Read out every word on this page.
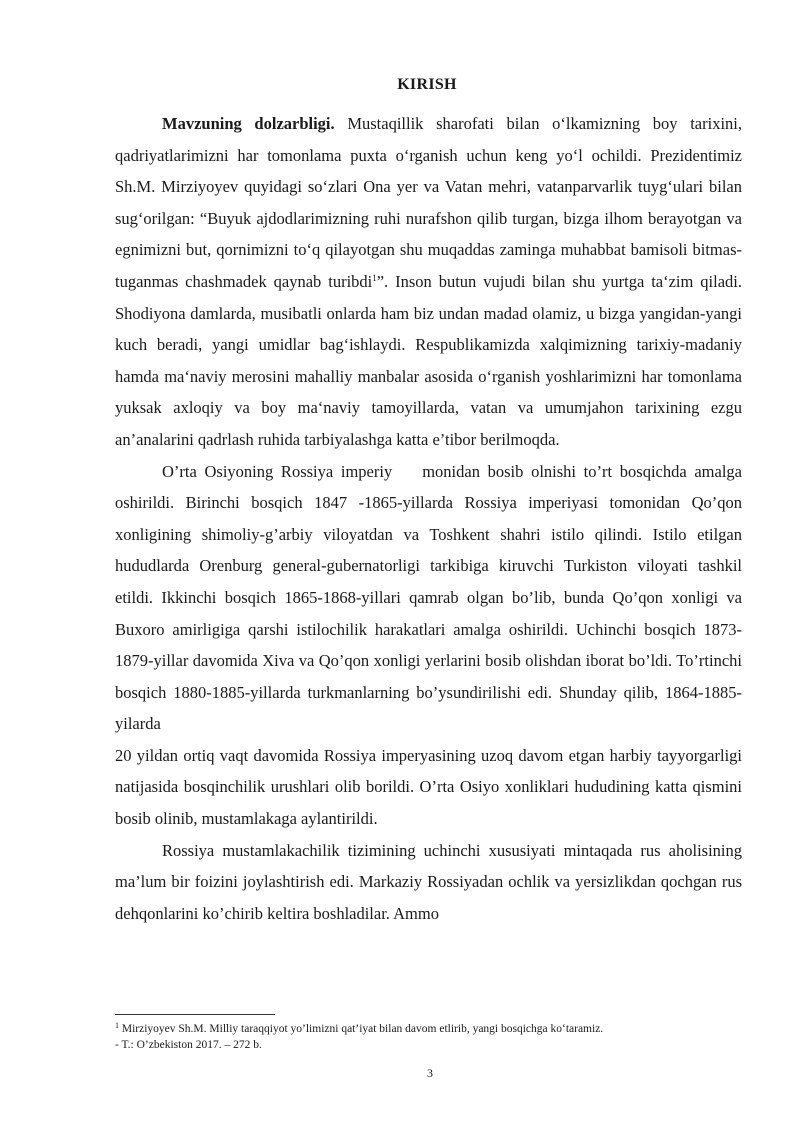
KIRISH

Mavzuning dolzarbligi. Mustaqillik sharofati bilan oʻlkamizning boy tarixini, qadriyatlarimizni har tomonlama puxta oʻrganish uchun keng yoʻl ochildi. Prezidentimiz Sh.M. Mirziyoyev quyidagi soʻzlari Ona yer va Vatan mehri, vatanparvarlik tuygʻulari bilan sugʻorilgan: “Buyuk ajdodlarimizning ruhi nurafshon qilib turgan, bizga ilhom berayotgan va egnimizni but, qornimizni toʻq qilayotgan shu muqaddas zaminga muhabbat bamisoli bitmas-tuganmas chashmadek qaynab turibdi$^1$”. Inson butun vujudi bilan shu yurtga taʻzim qiladi. Shodiyona damlarda, musibatli onlarda ham biz undan madad olamiz, u bizga yangidan-yangi kuch beradi, yangi umidlar bagʻishlaydi. Respublikamizda xalqimizning tarixiy-madaniy hamda maʻnaviy merosini mahalliy manbalar asosida oʻrganish yoshlarimizni har tomonlama yuksak axloqiy va boy maʻnaviy tamoyillarda, vatan va umumjahon tarixining ezgu an’analarini qadrlash ruhida tarbiyalashga katta e’tibor berilmoqda.

O’rta Osiyoning Rossiya imperiy monidan bosib olnishi to’rt bosqichda amalga oshirildi. Birinchi bosqich 1847 -1865-yillarda Rossiya imperiyasi tomonidan Qo’qon xonligining shimoliy-g’arbiy viloyatdan va Toshkent shahri istilo qilindi. Istilo etilgan hududlarda Orenburg general-gubernatorligi tarkibiga kiruvchi Turkiston viloyati tashkil etildi. Ikkinchi bosqich 1865-1868-yillari qamrab olgan bo’lib, bunda Qo’qon xonligi va Buxoro amirligiga qarshi istilochilik harakatlari amalga oshirildi. Uchinchi bosqich 1873-1879-yillar davomida Xiva va Qo’qon xonligi yerlarini bosib olishdan iborat bo’ldi. To’rtinchi bosqich 1880-1885-yillarda turkmanlarning bo’ysundirilishi edi. Shunday qilib, 1864-1885-yilarda

20 yildan ortiq vaqt davomida Rossiya imperyasining uzoq davom etgan harbiy tayyorgarligi natijasida bosqinchilik urushlari olib borildi. O’rta Osiyo xonliklari hududining katta qismini bosib olinib, mustamlakaga aylantirildi.

Rossiya mustamlakachilik tizimining uchinchi xususiyati mintaqada rus aholisining ma’lum bir foizini joylashtirish edi. Markaziy Rossiyadan ochlik va yersizlikdan qochgan rus dehqonlarini ko’chirib keltira boshladilar. Ammo

$^1$ Mirziyoyev Sh.M. Milliy taraqqiyot yo’limizni qat’iyat bilan davom etlirib, yangi bosqichga ko‘taramiz.

- T.: O’zbekiston 2017. – 272 b.

3
